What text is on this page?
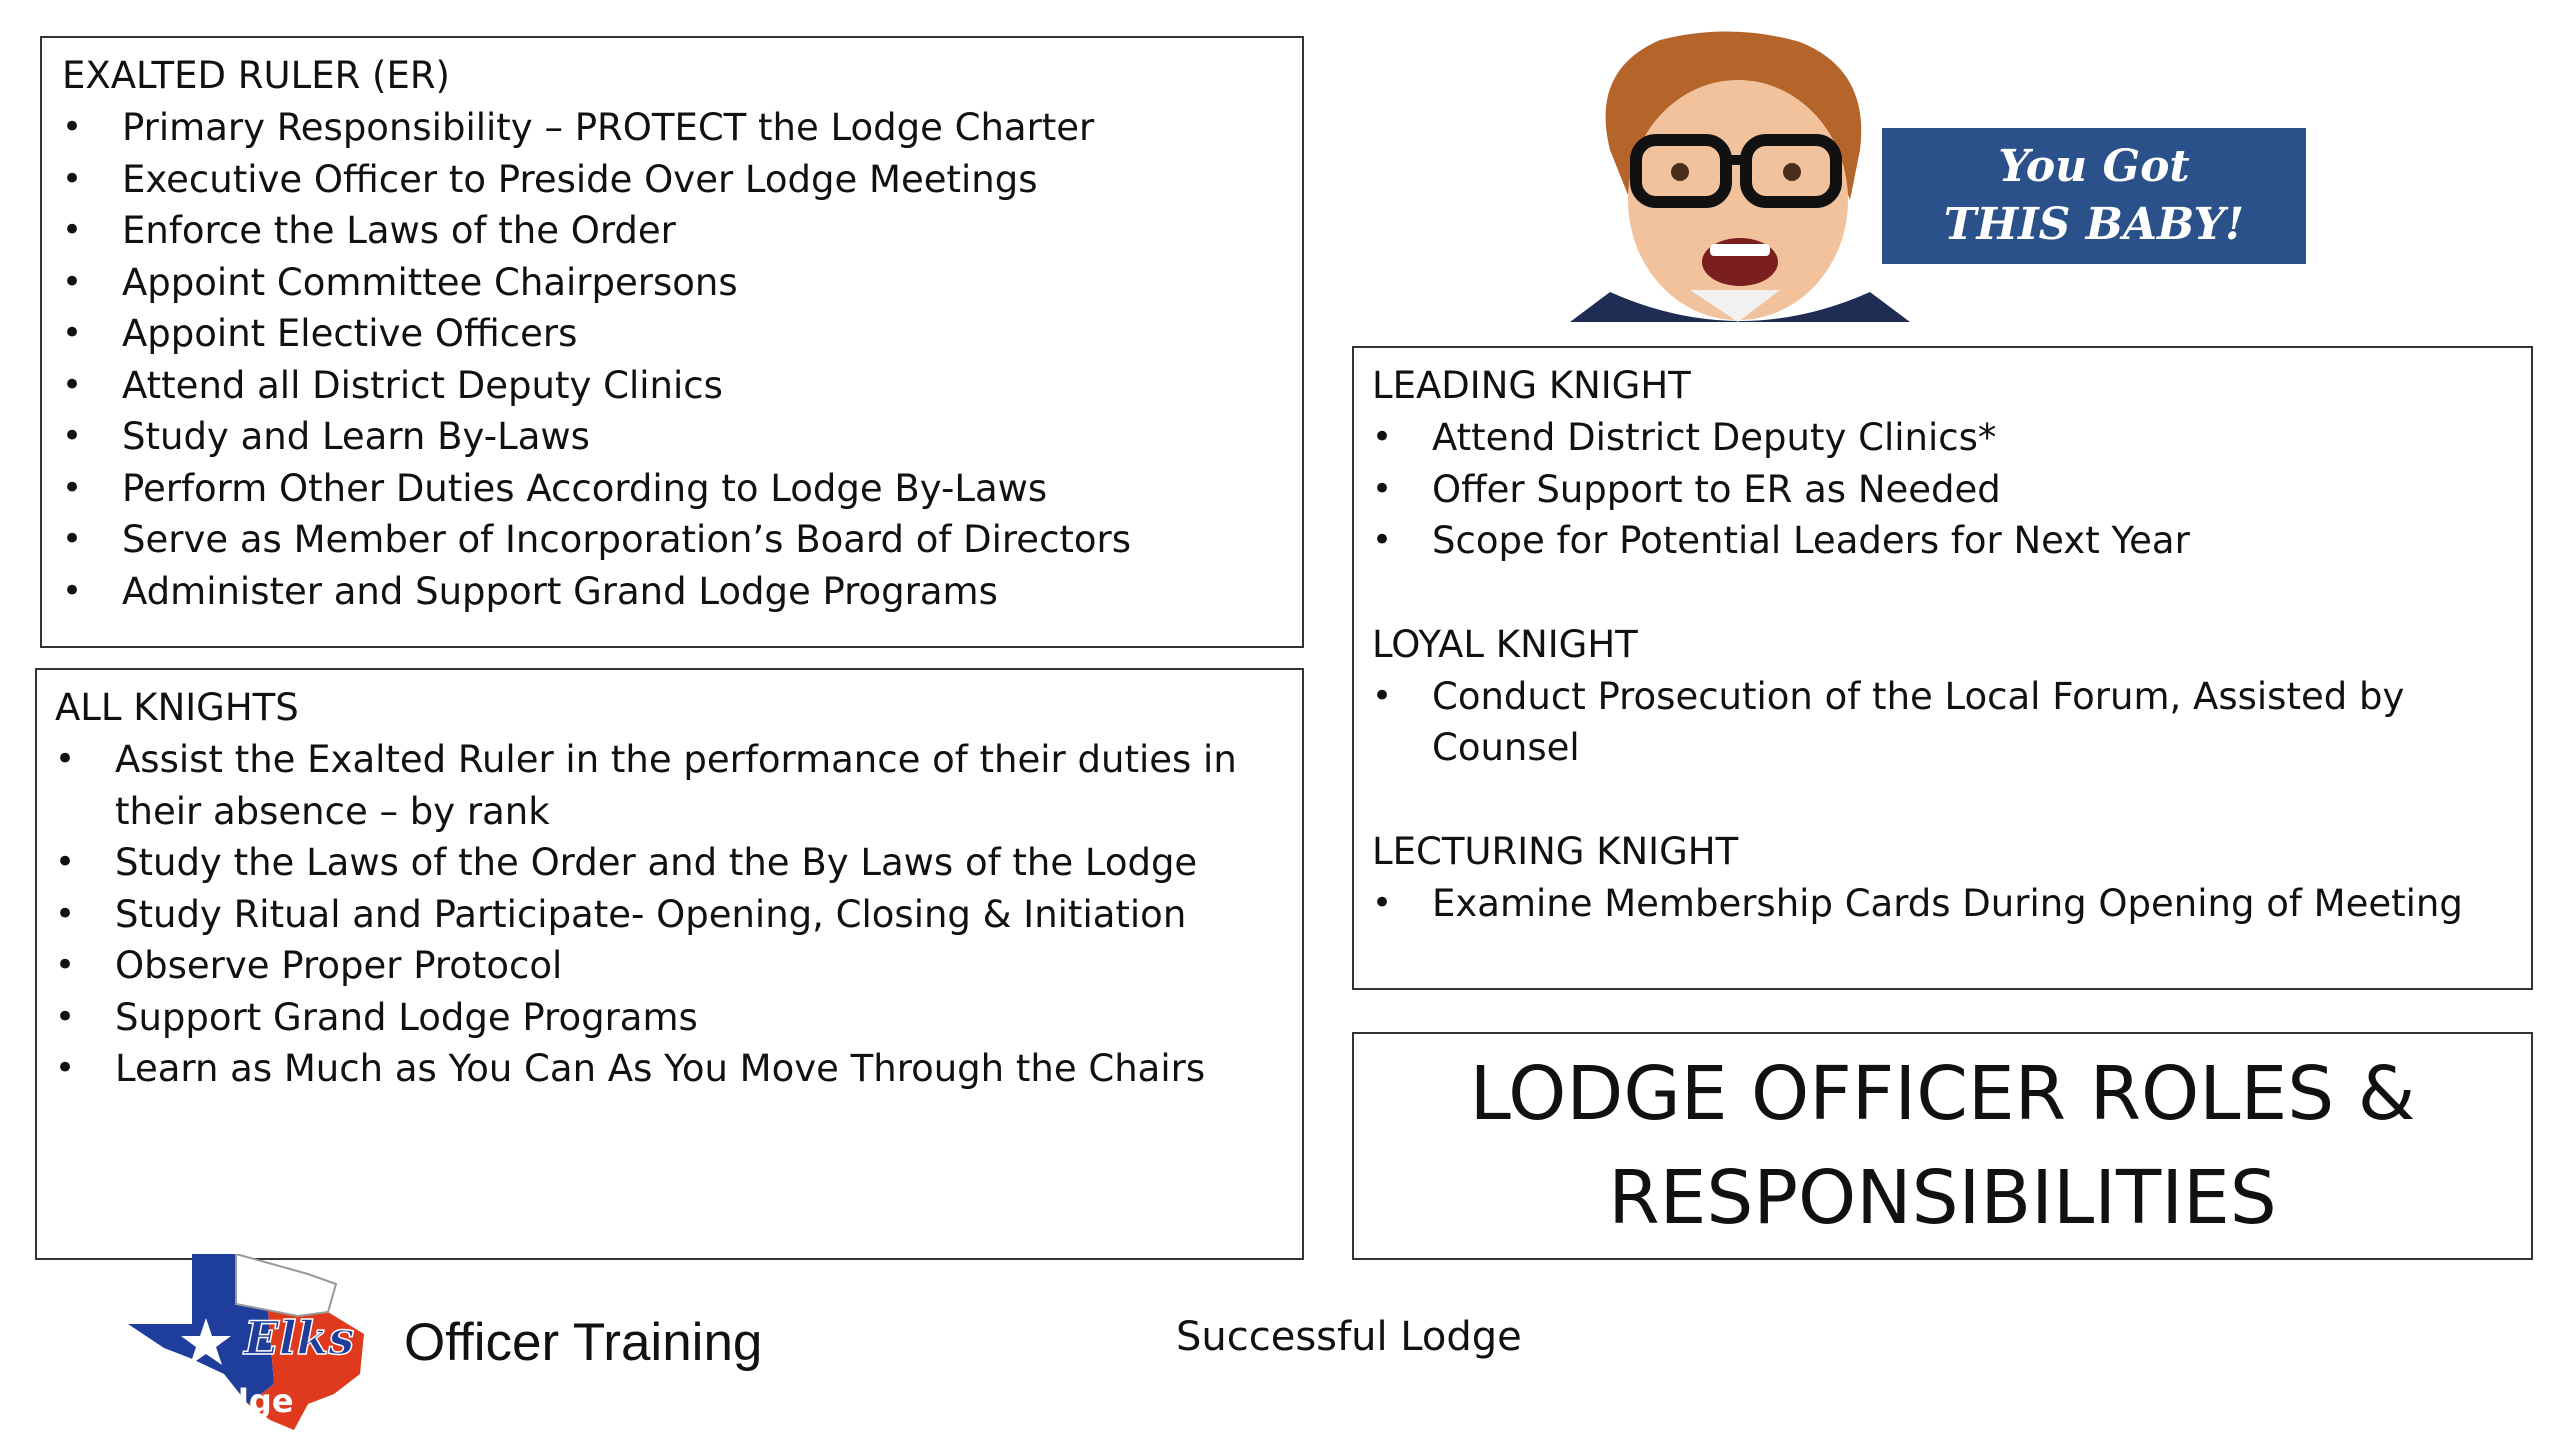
EXALTED RULER (ER)
• Primary Responsibility – PROTECT the Lodge Charter
• Executive Officer to Preside Over Lodge Meetings
• Enforce the Laws of the Order
• Appoint Committee Chairpersons
• Appoint Elective Officers
• Attend all District Deputy Clinics
• Study and Learn By-Laws
• Perform Other Duties According to Lodge By-Laws
• Serve as Member of Incorporation’s Board of Directors
• Administer and Support Grand Lodge Programs
ALL KNIGHTS
• Assist the Exalted Ruler in the performance of their duties in their absence – by rank
• Study the Laws of the Order and the By Laws of the Lodge
• Study Ritual and Participate- Opening, Closing & Initiation
• Observe Proper Protocol
• Support Grand Lodge Programs
• Learn as Much as You Can As You Move Through the Chairs
You Got
THIS BABY!
LEADING KNIGHT
• Attend District Deputy Clinics*
• Offer Support to ER as Needed
• Scope for Potential Leaders for Next Year
LOYAL KNIGHT
• Conduct Prosecution of the Local Forum, Assisted by Counsel
LECTURING KNIGHT
• Examine Membership Cards During Opening of Meeting
LODGE OFFICER ROLES &
RESPONSIBILITIES
Elks
dge
Officer Training	Successful Lodge
